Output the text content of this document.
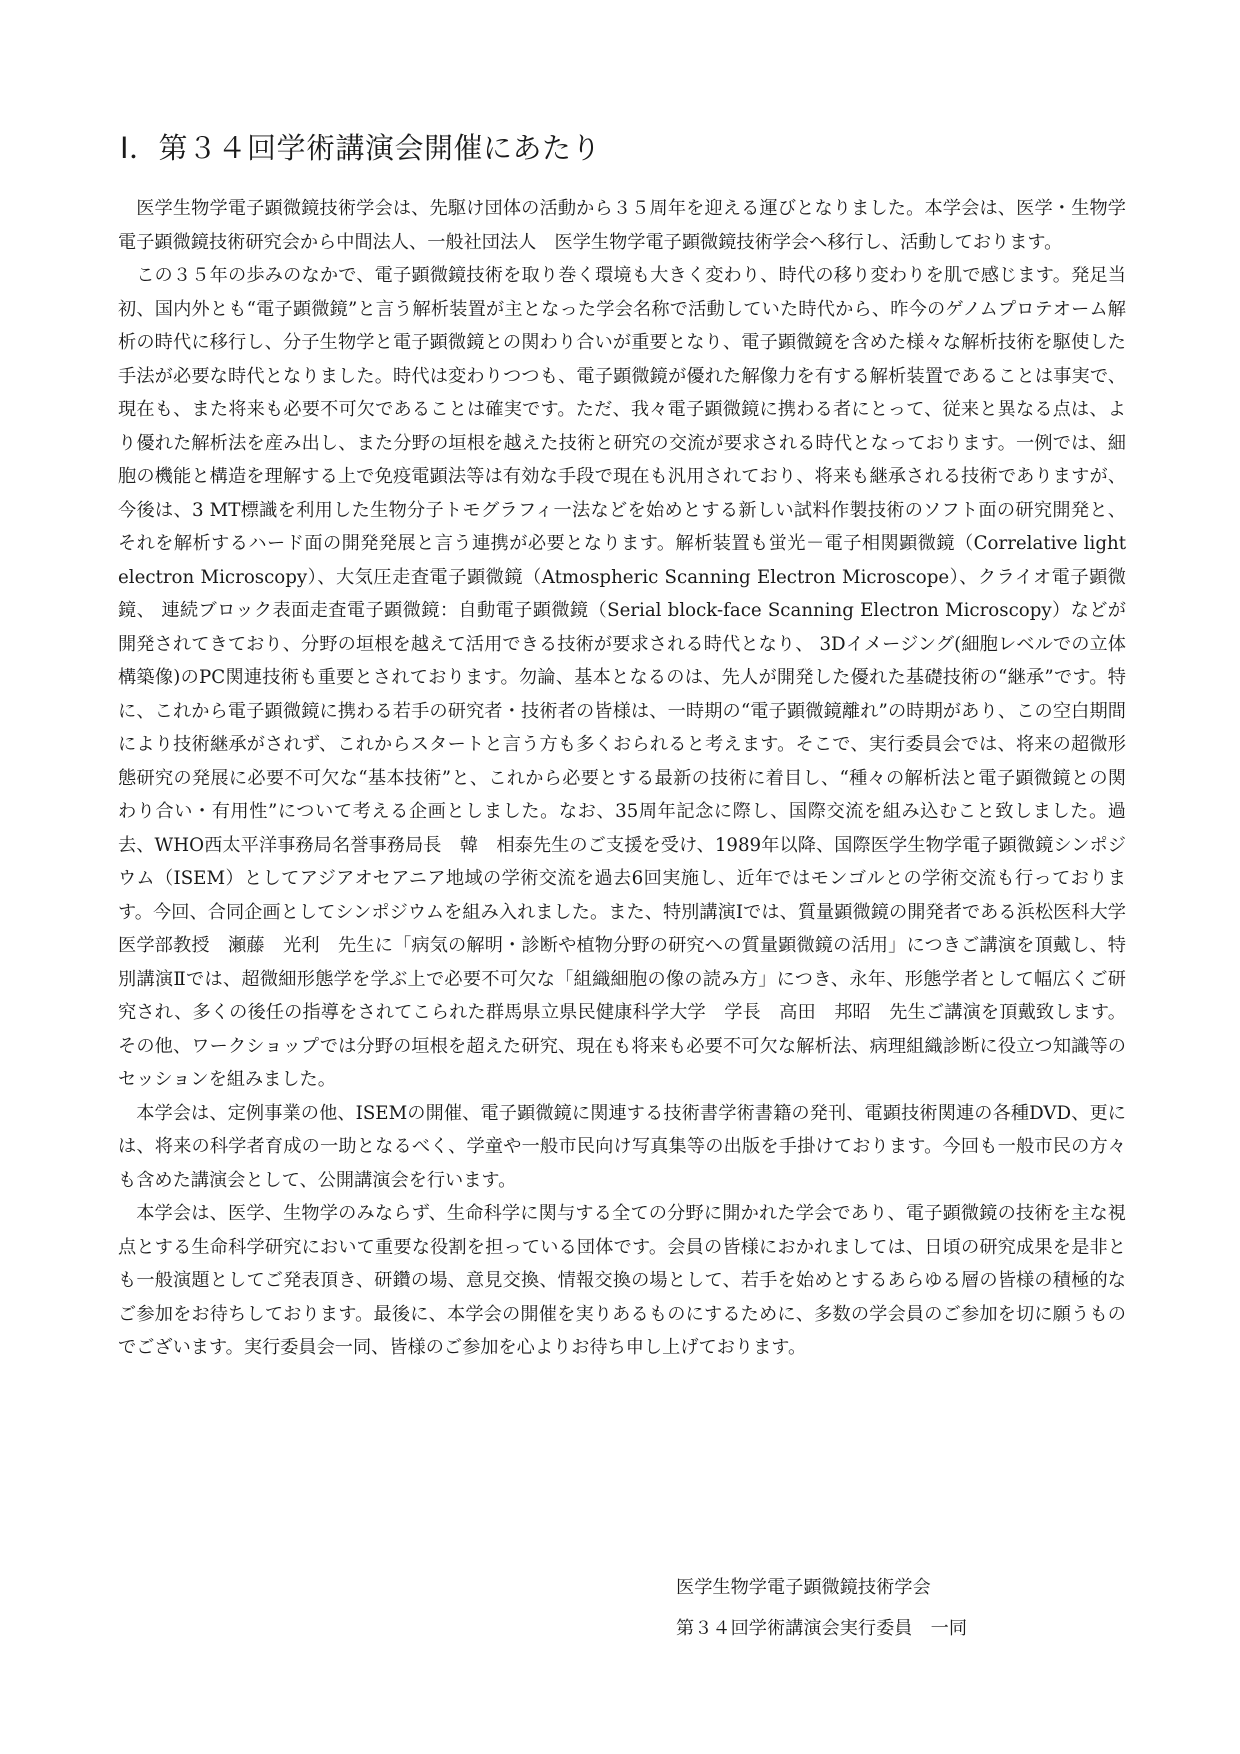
Ⅰ．第３４回学術講演会開催にあたり

医学生物学電子顕微鏡技術学会は、先駆け団体の活動から３５周年を迎える運びとなりました。本学会は、医学・生物学電子顕微鏡技術研究会から中間法人、一般社団法人　医学生物学電子顕微鏡技術学会へ移行し、活動しております。

この３５年の歩みのなかで、電子顕微鏡技術を取り巻く環境も大きく変わり、時代の移り変わりを肌で感じます。発足当初、国内外とも“電子顕微鏡”と言う解析装置が主となった学会名称で活動していた時代から、昨今のゲノムプロテオーム解析の時代に移行し、分子生物学と電子顕微鏡との関わり合いが重要となり、電子顕微鏡を含めた様々な解析技術を駆使した手法が必要な時代となりました。時代は変わりつつも、電子顕微鏡が優れた解像力を有する解析装置であることは事実で、現在も、また将来も必要不可欠であることは確実です。ただ、我々電子顕微鏡に携わる者にとって、従来と異なる点は、より優れた解析法を産み出し、また分野の垣根を越えた技術と研究の交流が要求される時代となっております。一例では、細胞の機能と構造を理解する上で免疫電顕法等は有効な手段で現在も汎用されており、将来も継承される技術でありますが、今後は、3 MT標識を利用した生物分子トモグラフィ一法などを始めとする新しい試料作製技術のソフト面の研究開発と、それを解析するハード面の開発発展と言う連携が必要となります。解析装置も蛍光－電子相関顕微鏡（Correlative light electron Microscopy）、大気圧走査電子顕微鏡（Atmospheric Scanning Electron Microscope）、クライオ電子顕微鏡、 連続ブロック表面走査電子顕微鏡：自動電子顕微鏡（Serial block-face Scanning Electron Microscopy）などが開発されてきており、分野の垣根を越えて活用できる技術が要求される時代となり、 3Dイメージング(細胞レベルでの立体構築像)のPC関連技術も重要とされております。勿論、基本となるのは、先人が開発した優れた基礎技術の“継承”です。特に、これから電子顕微鏡に携わる若手の研究者・技術者の皆様は、一時期の“電子顕微鏡離れ”の時期があり、この空白期間により技術継承がされず、これからスタートと言う方も多くおられると考えます。そこで、実行委員会では、将来の超微形態研究の発展に必要不可欠な“基本技術”と、これから必要とする最新の技術に着目し、“種々の解析法と電子顕微鏡との関わり合い・有用性”について考える企画としました。なお、35周年記念に際し、国際交流を組み込むこと致しました。過去、WHO西太平洋事務局名誉事務局長　韓　相泰先生のご支援を受け、1989年以降、国際医学生物学電子顕微鏡シンポジウム（ISEM）としてアジアオセアニア地域の学術交流を過去6回実施し、近年ではモンゴルとの学術交流も行っております。今回、合同企画としてシンポジウムを組み入れました。また、特別講演Ⅰでは、質量顕微鏡の開発者である浜松医科大学医学部教授　瀬藤　光利　先生に「病気の解明・診断や植物分野の研究への質量顕微鏡の活用」につきご講演を頂戴し、特別講演Ⅱでは、超微細形態学を学ぶ上で必要不可欠な「組織細胞の像の読み方」につき、永年、形態学者として幅広くご研究され、多くの後任の指導をされてこられた群馬県立県民健康科学大学　学長　高田　邦昭　先生ご講演を頂戴致します。その他、ワークショップでは分野の垣根を超えた研究、現在も将来も必要不可欠な解析法、病理組織診断に役立つ知識等のセッションを組みました。

本学会は、定例事業の他、ISEMの開催、電子顕微鏡に関連する技術書学術書籍の発刊、電顕技術関連の各種DVD、更には、将来の科学者育成の一助となるべく、学童や一般市民向け写真集等の出版を手掛けております。今回も一般市民の方々も含めた講演会として、公開講演会を行います。

本学会は、医学、生物学のみならず、生命科学に関与する全ての分野に開かれた学会であり、電子顕微鏡の技術を主な視点とする生命科学研究において重要な役割を担っている団体です。会員の皆様におかれましては、日頃の研究成果を是非とも一般演題としてご発表頂き、研鑽の場、意見交換、情報交換の場として、若手を始めとするあらゆる層の皆様の積極的なご参加をお待ちしております。最後に、本学会の開催を実りあるものにするために、多数の学会員のご参加を切に願うものでございます。実行委員会一同、皆様のご参加を心よりお待ち申し上げております。

医学生物学電子顕微鏡技術学会
第３４回学術講演会実行委員　一同
